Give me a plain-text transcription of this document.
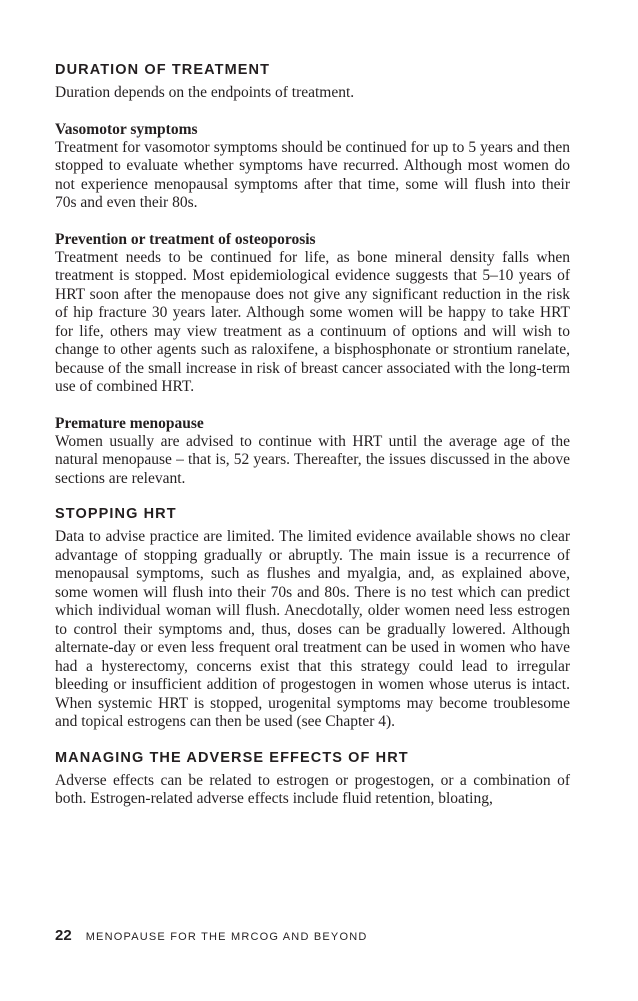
DURATION OF TREATMENT

Duration depends on the endpoints of treatment.

Vasomotor symptoms

Treatment for vasomotor symptoms should be continued for up to 5 years and then stopped to evaluate whether symptoms have recurred. Although most women do not experience menopausal symptoms after that time, some will flush into their 70s and even their 80s.

Prevention or treatment of osteoporosis

Treatment needs to be continued for life, as bone mineral density falls when treatment is stopped. Most epidemiological evidence suggests that 5–10 years of HRT soon after the menopause does not give any significant reduction in the risk of hip fracture 30 years later. Although some women will be happy to take HRT for life, others may view treatment as a continuum of options and will wish to change to other agents such as raloxifene, a bisphosphonate or strontium ranelate, because of the small increase in risk of breast cancer associated with the long-term use of combined HRT.

Premature menopause

Women usually are advised to continue with HRT until the average age of the natural menopause – that is, 52 years. Thereafter, the issues discussed in the above sections are relevant.

STOPPING HRT

Data to advise practice are limited. The limited evidence available shows no clear advantage of stopping gradually or abruptly. The main issue is a recurrence of menopausal symptoms, such as flushes and myalgia, and, as explained above, some women will flush into their 70s and 80s. There is no test which can predict which individual woman will flush. Anecdotally, older women need less estrogen to control their symptoms and, thus, doses can be gradually lowered. Although alternate-day or even less frequent oral treatment can be used in women who have had a hysterectomy, concerns exist that this strategy could lead to irregular bleeding or insufficient addition of progestogen in women whose uterus is intact. When systemic HRT is stopped, urogenital symptoms may become troublesome and topical estrogens can then be used (see Chapter 4).

MANAGING THE ADVERSE EFFECTS OF HRT

Adverse effects can be related to estrogen or progestogen, or a combination of both. Estrogen-related adverse effects include fluid retention, bloating,

22 MENOPAUSE FOR THE MRCOG AND BEYOND
